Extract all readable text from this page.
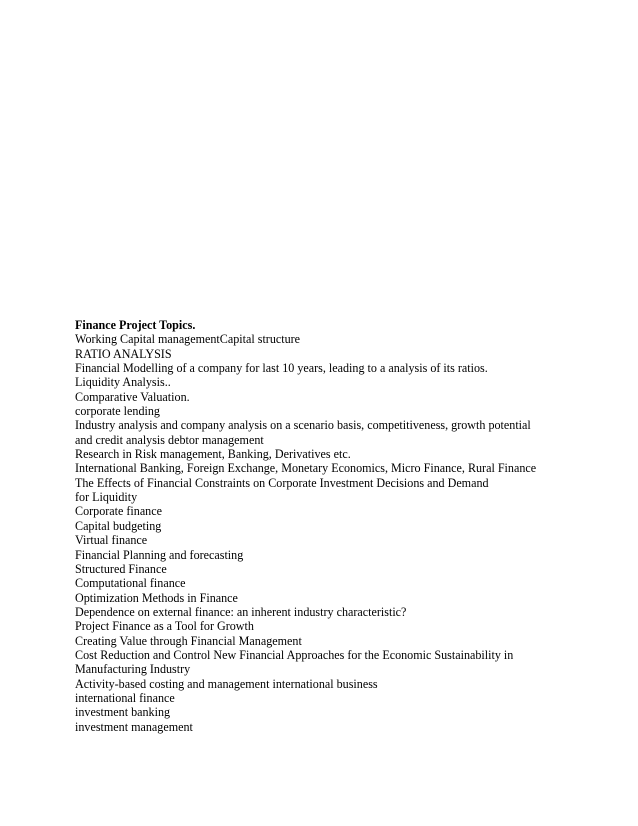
Finance Project Topics.
Working Capital managementCapital structure
RATIO ANALYSIS
Financial Modelling of a company for last 10 years, leading to a analysis of its ratios.
Liquidity Analysis..
Comparative Valuation.
corporate lending
Industry analysis and company analysis on a scenario basis, competitiveness, growth potential
and credit analysis debtor management
Research in Risk management, Banking, Derivatives etc.
International Banking, Foreign Exchange, Monetary Economics, Micro Finance, Rural Finance
The Effects of Financial Constraints on Corporate Investment Decisions and Demand
for Liquidity
Corporate finance
Capital budgeting
Virtual finance
Financial Planning and forecasting
Structured Finance
Computational finance
Optimization Methods in Finance
Dependence on external finance: an inherent industry characteristic?
Project Finance as a Tool for Growth
Creating Value through Financial Management
Cost Reduction and Control New Financial Approaches for the Economic Sustainability in
Manufacturing Industry
Activity-based costing and management international business
international finance
investment banking
investment management
